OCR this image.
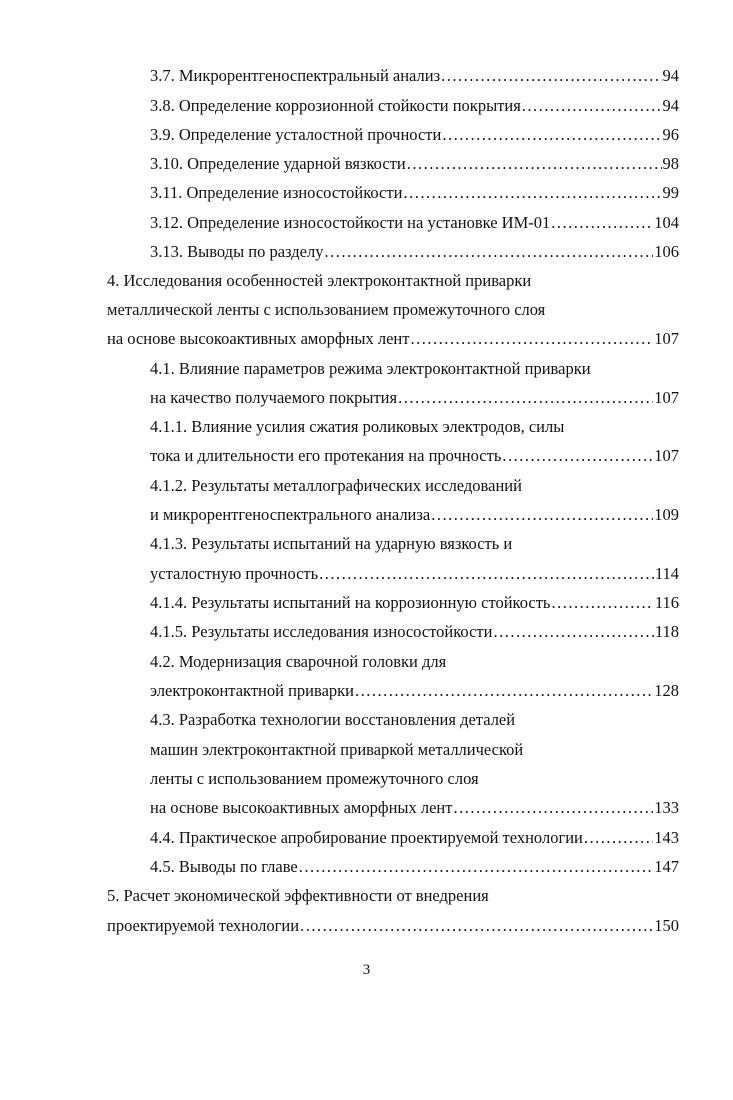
3.7. Микрорентгеноспектральный анализ .....	94
3.8. Определение коррозионной стойкости покрытия .....	94
3.9. Определение усталостной прочности .....	96
3.10. Определение ударной вязкости .....	98
3.11. Определение износостойкости .....	99
3.12. Определение износостойкости на установке ИМ-01 .....	104
3.13. Выводы по разделу .....	106
4. Исследования особенностей электроконтактной приварки
металлической ленты с использованием промежуточного слоя
на основе высокоактивных аморфных лент .....	107
4.1. Влияние параметров режима электроконтактной приварки
на качество получаемого покрытия .....	107
4.1.1. Влияние усилия сжатия роликовых электродов, силы
тока и длительности его протекания на прочность .....	107
4.1.2. Результаты металлографических исследований
и микрорентгеноспектрального анализа .....	109
4.1.3. Результаты испытаний на ударную вязкость и
усталостную прочность .....	114
4.1.4. Результаты испытаний на коррозионную стойкость .....	116
4.1.5. Результаты исследования износостойкости .....	118
4.2. Модернизация сварочной головки для
электроконтактной приварки .....	128
4.3. Разработка технологии восстановления деталей
машин электроконтактной приваркой металлической
ленты с использованием промежуточного слоя
на основе высокоактивных аморфных лент .....	133
4.4. Практическое апробирование проектируемой технологии .....	143
4.5. Выводы по главе .....	147
5. Расчет экономической эффективности от внедрения
проектируемой технологии .....	150
3
